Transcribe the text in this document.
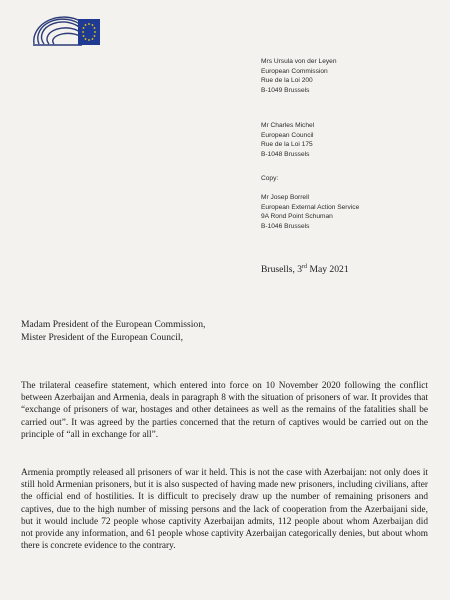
Mrs Ursula von der Leyen
European Commission
Rue de la Loi 200
B-1049 Brussels
Mr Charles Michel
European Council
Rue de la Loi 175
B-1048 Brussels
Copy:
Mr Josep Borrell
European External Action Service
9A Rond Point Schuman
B-1046 Brussels
Brusells, 3rd May 2021
Madam President of the European Commission,
Mister President of the European Council,

The trilateral ceasefire statement, which entered into force on 10 November 2020 following the conflict between Azerbaijan and Armenia, deals in paragraph 8 with the situation of prisoners of war. It provides that “exchange of prisoners of war, hostages and other detainees as well as the remains of the fatalities shall be carried out”. It was agreed by the parties concerned that the return of captives would be carried out on the principle of “all in exchange for all”.

Armenia promptly released all prisoners of war it held. This is not the case with Azerbaijan: not only does it still hold Armenian prisoners, but it is also suspected of having made new prisoners, including civilians, after the official end of hostilities. It is difficult to precisely draw up the number of remaining prisoners and captives, due to the high number of missing persons and the lack of cooperation from the Azerbaijani side, but it would include 72 people whose captivity Azerbaijan admits, 112 people about whom Azerbaijan did not provide any information, and 61 people whose captivity Azerbaijan categorically denies, but about whom there is concrete evidence to the contrary.
